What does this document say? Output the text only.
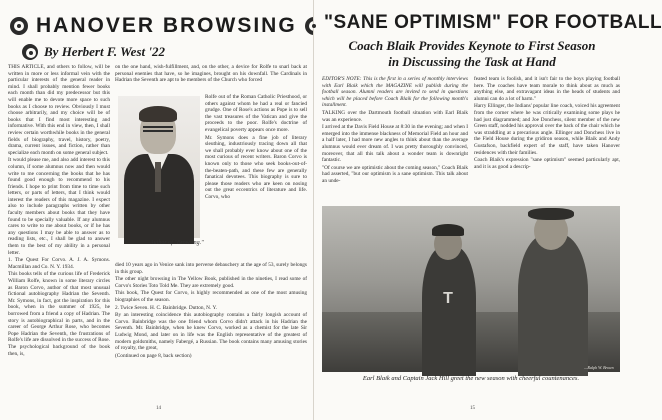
HANOVER BROWSING
By Herbert F. West '22

THIS ARTICLE, and others to follow, will be written in more or less informal vein with the particular interests of the general reader in mind. I shall probably mention fewer books each month than did my predecessor but this will enable me to devote more space to such books as I choose to review. Obviously I must choose arbitrarily, and my choice will be of books that I find most interesting and informative. With this end in view, then, I shall review certain worthwhile books in the general fields of biography, travel, history, poetry, drama, current issues, and fiction, rather than specialize each month on some general subject.

It would please me, and also add interest to this column, if some alumnus now and then would write to me concerning the books that he has found good enough to recommend to his friends. I hope to print from time to time such letters, or parts of letters, that I think would interest the readers of this magazine. I expect also to include paragraphs written by other faculty members about books that they have found to be specially valuable. If any alumnus cares to write to me about books, or if he has any questions I may be able to answer as to reading lists, etc., I shall be glad to answer them to the best of my ability in a personal letter.

1. The Quest For Corvo. A. J. A. Symons. Macmillan and Co. N. Y. 1934.

This books tells of the curious life of Frederick William Rolfe, known in some literary circles as Baron Corvo, author of that most unusual fictional autobiography Hadrian the Seventh. Mr. Symons, in fact, got the inspiration for this book, when in the summer of 1925, he borrowed from a friend a copy of Hadrian. The story is autobiographical in parts, and in the career of George Arthur Rose, who becomes Pope Hadrian the Seventh, the frustrations of Rolfe's life are dissolved in the success of Rose. The psychological background of the book then, is,

on the one hand, wish-fulfillment, and, on the other, a device for Rolfe to snarl back at personal enemies that have, so he imagines, brought on his downfall. The Cardinals in Hadrian the Seventh are apt to be members of the Church who forced

Rolfe out of the Roman Catholic Priesthood, or others against whom he had a real or fancied grudge. One of Rose's actions as Pope is to sell the vast treasures of the Vatican and give the proceeds to the poor. Rolfe's doctrine of evangelical poverty appears once more.

Mr. Symons does a fine job of literary sleuthing, industriously tracing down all that we shall probably ever know about one of the most curious of recent writers. Baron Corvo is known only to those who seek books-out-of-the-beaten-path, and these few are generally fanatical devotees. This biography is sure to please those readers who are keen on nosing out the great eccentrics of literature and life. Corvo, who

Author of "Browsing."

died 10 years ago in Venice sank into perverse debauchery at the age of 53, surely belongs in this group.

The other night browsing in The Yellow Book, published in the nineties, I read some of Corvo's Stories Toto Told Me. They are extremely good.

This book, The Quest for Corvo, is highly recommended as one of the most amusing biographies of the season.

2. Twice Seven. H. C. Bainbridge. Dutton, N. Y.

By an interesting coincidence this autobiography contains a fairly longish account of Corvo. Bainbridge was the one friend whom Corvo didn't attack in his Hadrian the Seventh. Mr. Bainbridge, when he knew Corvo, worked as a chemist for the late Sir Ludwig Mond, and later on in life was the English representative of the greatest of modern goldsmiths, namely Fabergé, a Russian. The book contains many amusing stories of royalty, the great,

(Continued on page 8, back section)

14
"SANE OPTIMISM" FOR FOOTBALL
Coach Blaik Provides Keynote to First Season
in Discussing the Task at Hand

EDITOR'S NOTE: This is the first in a series of monthly interviews with Earl Blaik which the MAGAZINE will publish during the football season. Alumni readers are invited to send in questions which will be placed before Coach Blaik for the following month's installment.

TALKING over the Dartmouth football situation with Earl Blaik was an experience.

I arrived at the Davis Field House at 8:30 in the evening; and when I emerged into the immense blackness of Memorial Field an hour and a half later, I had more new angles to think about than the average alumnus would ever dream of. I was pretty thoroughly convinced, moreover, that all this talk about a wonder team is downright fantastic.

"Of course we are optimistic about the coming season," Coach Blaik had asserted, "but our optimism is a sane optimism. This talk about an unde-

feated team is foolish, and it isn't fair to the boys playing football here. The coaches have team morale to think about as much as anything else, and extravagant ideas in the heads of students and alumni can do a lot of harm."

Harry Ellinger, the Indians' popular line coach, voiced his agreement from the corner where he was critically examining some plays he had just diagrammed; and Joe Donchess, silent member of the new Green staff, nodded his approval over the back of the chair which he was straddling at a precarious angle. Ellinger and Donchess live in the Field House during the gridiron season, while Blaik and Andy Gustafson, backfield expert of the staff, have taken Hanover residences with their families.

Coach Blaik's expression "sane optimism" seemed particularly apt, and it is as good a descrip-

T
—Ralph W. Brown
Earl Blaik and Captain Jack Hill greet the new season with cheerful countenances.
15
